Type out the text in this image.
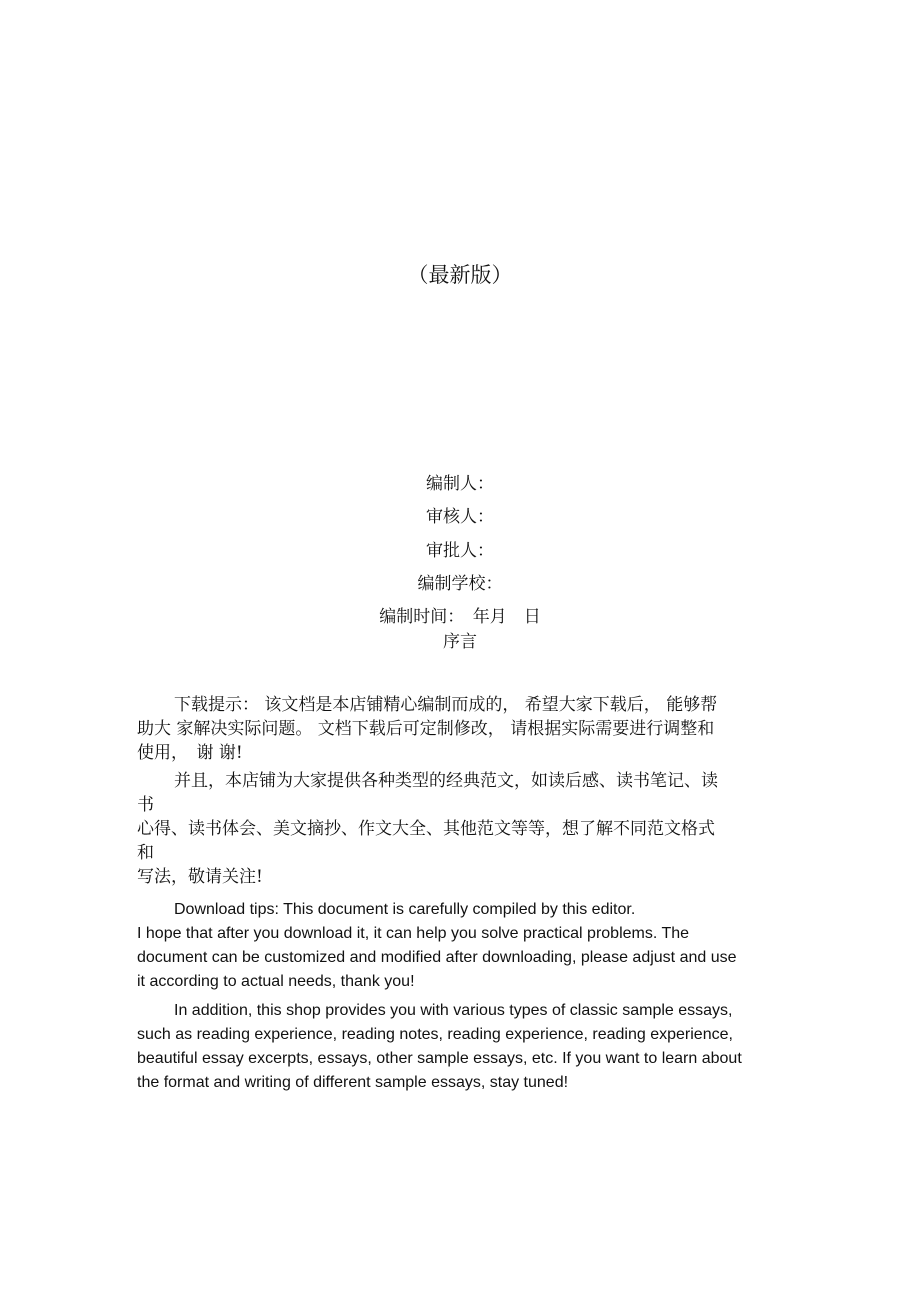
（最新版）
编制人：
审核人：
审批人：
编制学校：
编制时间：　年月　日
序言
下载提示： 该文档是本店铺精心编制而成的， 希望大家下载后， 能够帮
助大 家解决实际问题。 文档下载后可定制修改， 请根据实际需要进行调整和
使用，　谢 谢!
并且，本店铺为大家提供各种类型的经典范文，如读后感、读书笔记、读
书
心得、读书体会、美文摘抄、作文大全、其他范文等等，想了解不同范文格式
和
写法，敬请关注!
Download tips: This document is carefully compiled by this editor.
I hope that after you download it, it can help you solve practical problems. The
document can be customized and modified after downloading, please adjust and use
it according to actual needs, thank you!
In addition, this shop provides you with various types of classic sample essays,
such as reading experience, reading notes, reading experience, reading experience,
beautiful essay excerpts, essays, other sample essays, etc. If you want to learn about
the format and writing of different sample essays, stay tuned!
